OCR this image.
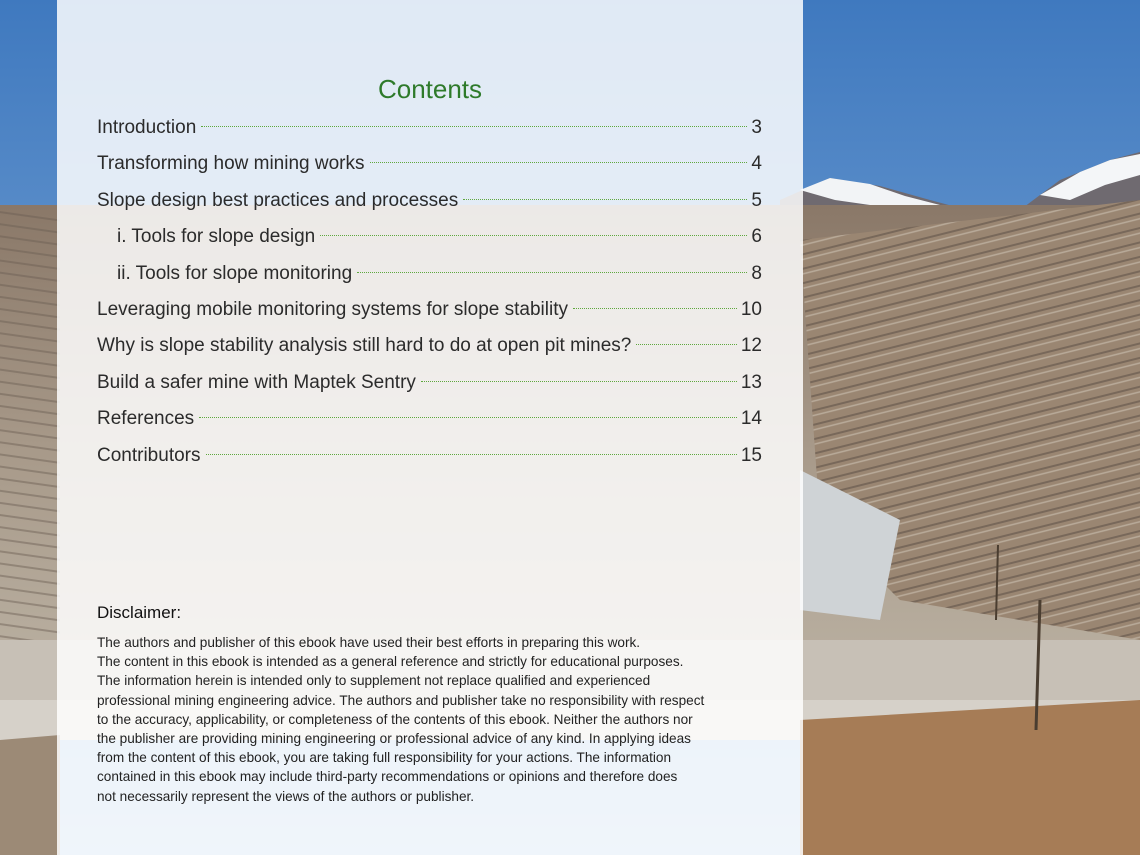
Contents
Introduction	3
Transforming how mining works	4
Slope design best practices and processes	5
i. Tools for slope design	6
ii. Tools for slope monitoring	8
Leveraging mobile monitoring systems for slope stability	10
Why is slope stability analysis still hard to do at open pit mines?	12
Build a safer mine with Maptek Sentry	13
References	14
Contributors	15
Disclaimer:

The authors and publisher of this ebook have used their best efforts in preparing this work.
The content in this ebook is intended as a general reference and strictly for educational purposes.
The information herein is intended only to supplement not replace qualified and experienced
professional mining engineering advice. The authors and publisher take no responsibility with respect
to the accuracy, applicability, or completeness of the contents of this ebook. Neither the authors nor
the publisher are providing mining engineering or professional advice of any kind. In applying ideas
from the content of this ebook, you are taking full responsibility for your actions. The information
contained in this ebook may include third-party recommendations or opinions and therefore does
not necessarily represent the views of the authors or publisher.
